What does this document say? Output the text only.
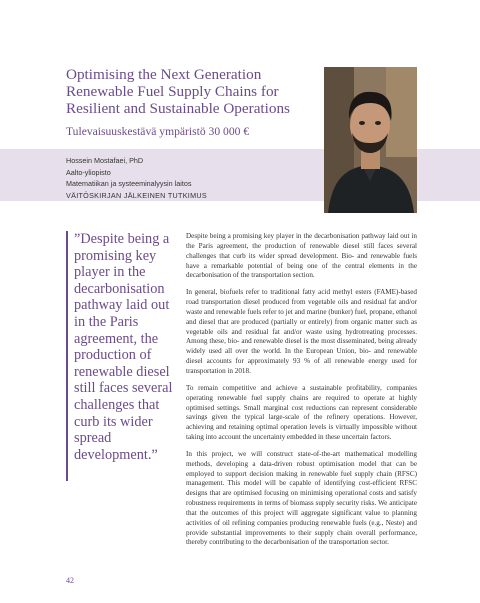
Optimising the Next Generation Renewable Fuel Supply Chains for Resilient and Sustainable Operations
Tulevaisuuskestävä ympäristö 30 000 €
Hossein Mostafaei, PhD
Aalto-yliopisto
Matematiikan ja systeeminalyysin laitos
VÄITÖSKIRJAN JÄLKEINEN TUTKIMUS

”Despite being a promising key player in the decarbonisation pathway laid out in the Paris agreement, the production of renewable diesel still faces several challenges that curb its wider spread development.”

Despite being a promising key player in the decarbonisation pathway laid out in the Paris agreement, the production of renewable diesel still faces several challenges that curb its wider spread development. Bio- and renewable fuels have a remarkable potential of being one of the central elements in the decarbonisation of the transportation section.

In general, biofuels refer to traditional fatty acid methyl esters (FAME)-based road transportation diesel produced from vegetable oils and residual fat and/or waste and renewable fuels refer to jet and marine (bunker) fuel, propane, ethanol and diesel that are produced (partially or entirely) from organic matter such as vegetable oils and residual fat and/or waste using hydrotreating processes. Among these, bio- and renewable diesel is the most disseminated, being already widely used all over the world. In the European Union, bio- and renewable diesel accounts for approximately 93 % of all renewable energy used for transportation in 2018.

To remain competitive and achieve a sustainable profitability, companies operating renewable fuel supply chains are required to operate at highly optimised settings. Small marginal cost reductions can represent considerable savings given the typical large-scale of the refinery operations. However, achieving and retaining optimal operation levels is virtually impossible without taking into account the uncertainty embedded in these uncertain factors.

In this project, we will construct state-of-the-art mathematical modelling methods, developing a data-driven robust optimisation model that can be employed to support decision making in renewable fuel supply chain (RFSC) management. This model will be capable of identifying cost-efficient RFSC designs that are optimised focusing on minimising operational costs and satisfy robustness requirements in terms of biomass supply security risks. We anticipate that the outcomes of this project will aggregate significant value to planning activities of oil refining companies producing renewable fuels (e.g., Neste) and provide substantial improvements to their supply chain overall performance, thereby contributing to the decarbonisation of the transportation sector.

42
